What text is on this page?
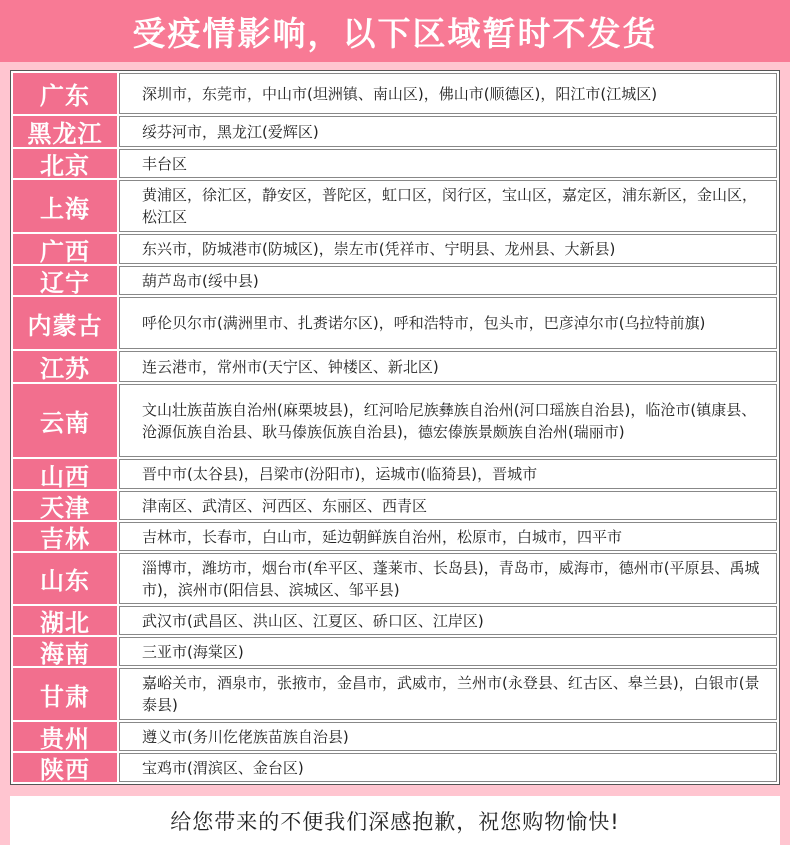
受疫情影响，以下区域暂时不发货
广东	深圳市，东莞市，中山市(坦洲镇、南山区)，佛山市(顺德区)，阳江市(江城区)
黑龙江	绥芬河市，黑龙江(爱辉区)
北京	丰台区
上海	黄浦区，徐汇区，静安区，普陀区，虹口区，闵行区，宝山区，嘉定区，浦东新区，金山区，松江区
广西	东兴市，防城港市(防城区)，崇左市(凭祥市、宁明县、龙州县、大新县)
辽宁	葫芦岛市(绥中县)
内蒙古	呼伦贝尔市(满洲里市、扎赉诺尔区)，呼和浩特市，包头市，巴彦淖尔市(乌拉特前旗)
江苏	连云港市，常州市(天宁区、钟楼区、新北区)
云南	文山壮族苗族自治州(麻栗坡县)，红河哈尼族彝族自治州(河口瑶族自治县)，临沧市(镇康县、沧源佤族自治县、耿马傣族佤族自治县)，德宏傣族景颇族自治州(瑞丽市)
山西	晋中市(太谷县)，吕梁市(汾阳市)，运城市(临猗县)，晋城市
天津	津南区、武清区、河西区、东丽区、西青区
吉林	吉林市，长春市，白山市，延边朝鲜族自治州，松原市，白城市，四平市
山东	淄博市，潍坊市，烟台市(牟平区、蓬莱市、长岛县)，青岛市，威海市，德州市(平原县、禹城市)，滨州市(阳信县、滨城区、邹平县)
湖北	武汉市(武昌区、洪山区、江夏区、硚口区、江岸区)
海南	三亚市(海棠区)
甘肃	嘉峪关市，酒泉市，张掖市，金昌市，武威市，兰州市(永登县、红古区、皋兰县)，白银市(景泰县)
贵州	遵义市(务川仡佬族苗族自治县)
陕西	宝鸡市(渭滨区、金台区)
给您带来的不便我们深感抱歉，祝您购物愉快!
